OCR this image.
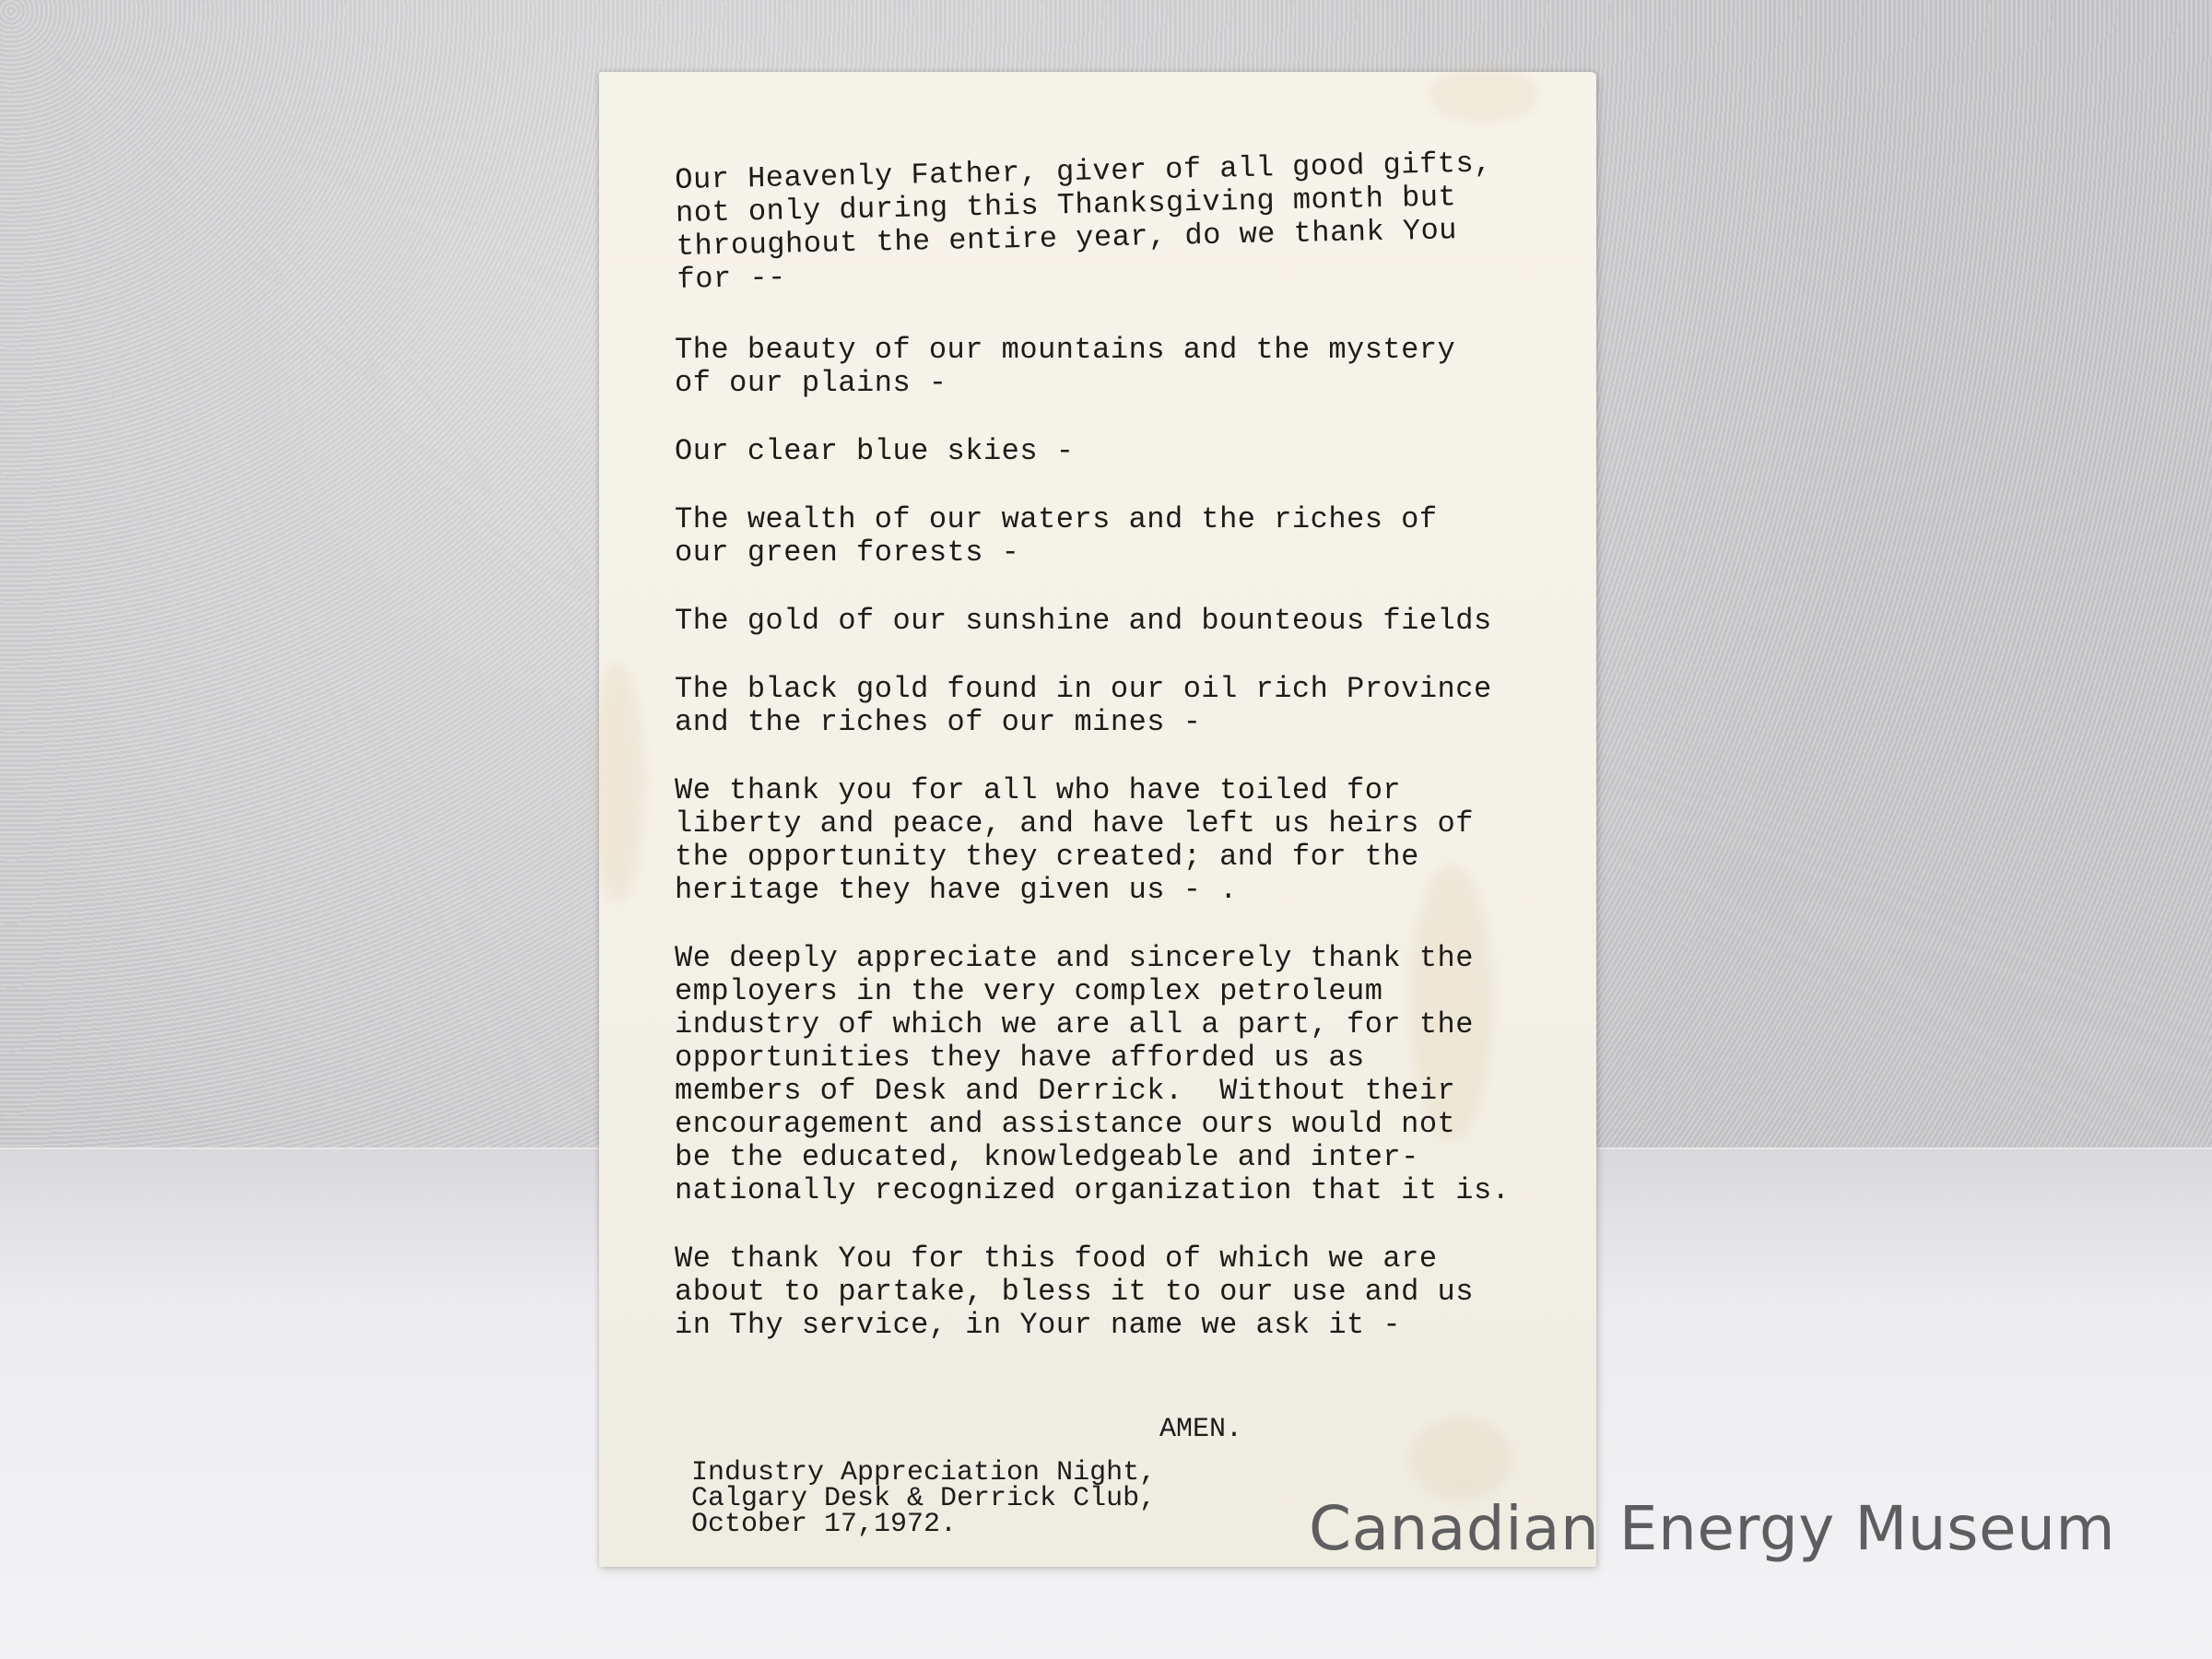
Our Heavenly Father, giver of all good gifts,
not only during this Thanksgiving month but
throughout the entire year, do we thank You
for --

The beauty of our mountains and the mystery
of our plains -

Our clear blue skies -

The wealth of our waters and the riches of
our green forests -

The gold of our sunshine and bounteous fields

The black gold found in our oil rich Province
and the riches of our mines -

We thank you for all who have toiled for
liberty and peace, and have left us heirs of
the opportunity they created; and for the
heritage they have given us - .

We deeply appreciate and sincerely thank the
employers in the very complex petroleum
industry of which we are all a part, for the
opportunities they have afforded us as
members of Desk and Derrick.  Without their
encouragement and assistance ours would not
be the educated, knowledgeable and inter-
nationally recognized organization that it is.

We thank You for this food of which we are
about to partake, bless it to our use and us
in Thy service, in Your name we ask it -

AMEN.
Industry Appreciation Night,
Calgary Desk & Derrick Club,
October 17,1972.	Canadian Energy Museum
